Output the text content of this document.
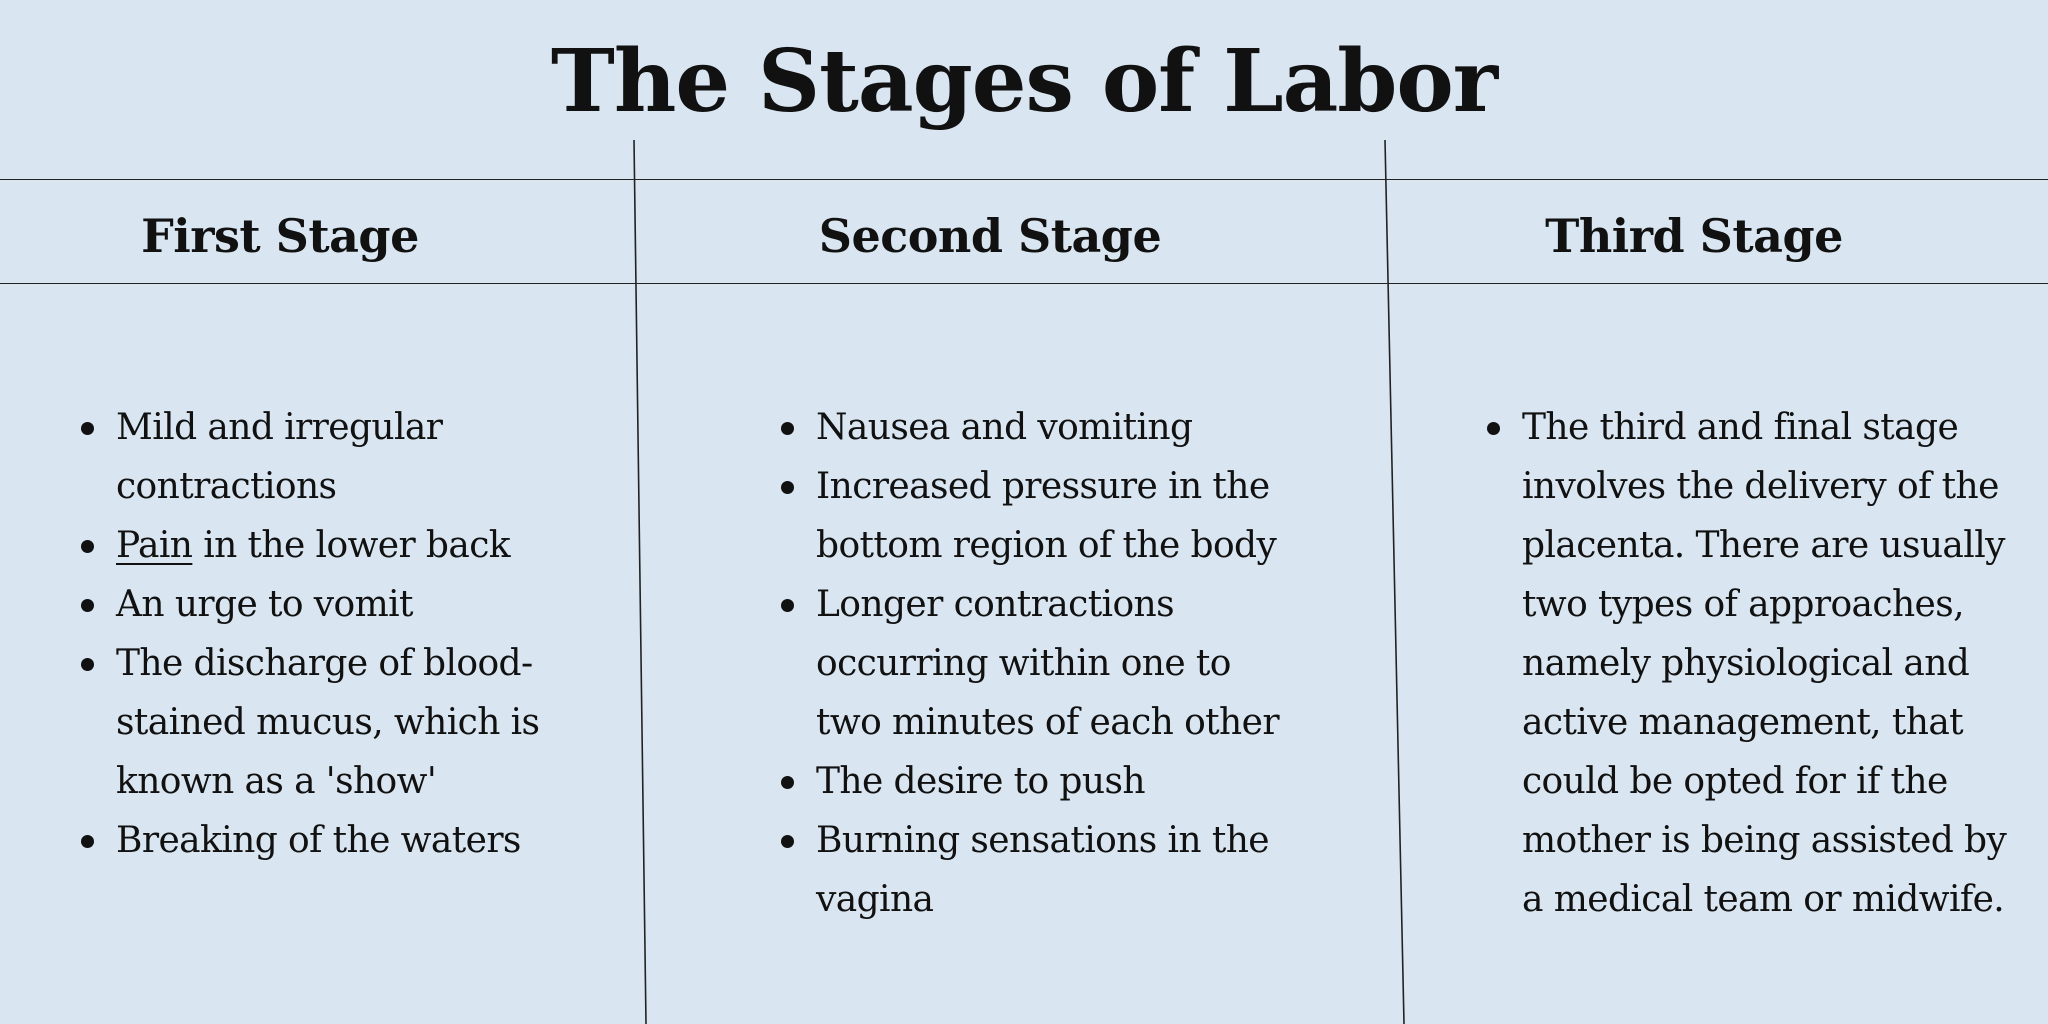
The Stages of Labor
First Stage	Second Stage	Third Stage
Mild and irregular contractions
Pain in the lower back
An urge to vomit
The discharge of blood-stained mucus, which is known as a 'show'
Breaking of the waters
Nausea and vomiting
Increased pressure in the bottom region of the body
Longer contractions occurring within one to two minutes of each other
The desire to push
Burning sensations in the vagina
The third and final stage involves the delivery of the placenta. There are usually two types of approaches, namely physiological and active management, that could be opted for if the mother is being assisted by a medical team or midwife.
